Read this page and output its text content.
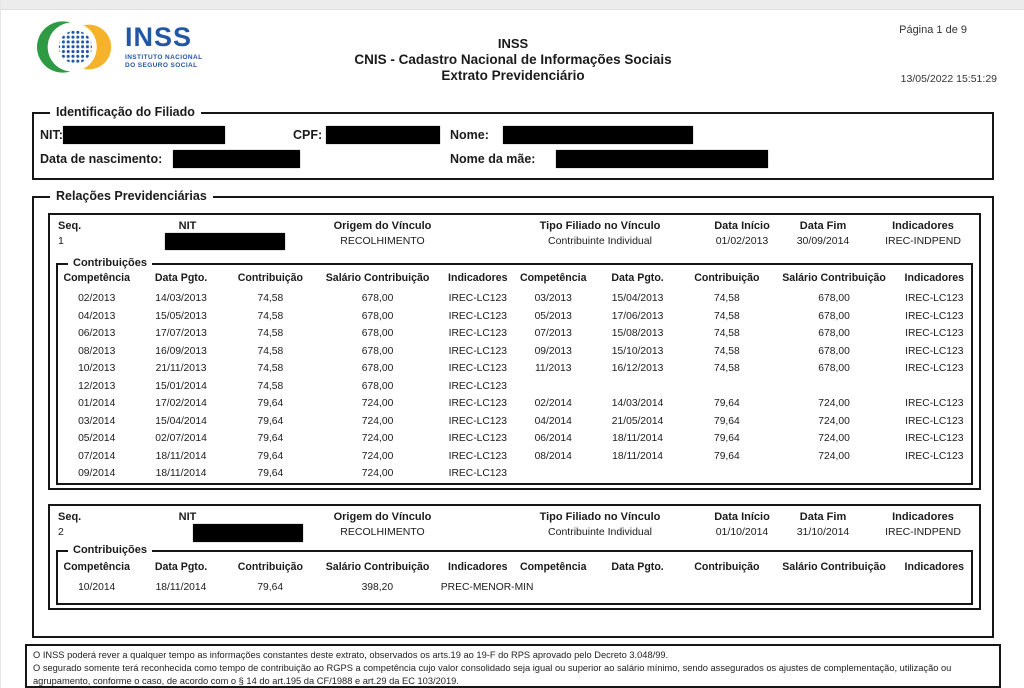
INSS
INSTITUTO NACIONAL
DO SEGURO SOCIAL
INSS
CNIS - Cadastro Nacional de Informações Sociais
Extrato Previdenciário
Página 1 de 9
13/05/2022 15:51:29
Identificação do Filiado
NIT:	CPF:	Nome:
Data de nascimento:	Nome da mãe:
Relações Previdenciárias
Seq.	NIT	Origem do Vínculo	Tipo Filiado no Vínculo	Data Início	Data Fim	Indicadores
1	RECOLHIMENTO	Contribuinte Individual	01/02/2013	30/09/2014	IREC-INDPEND
Contribuições
Competência	Data Pgto.	Contribuição	Salário Contribuição	Indicadores	Competência	Data Pgto.	Contribuição	Salário Contribuição	Indicadores
02/2013	14/03/2013	74,58	678,00	IREC-LC123	03/2013	15/04/2013	74,58	678,00	IREC-LC123
04/2013	15/05/2013	74,58	678,00	IREC-LC123	05/2013	17/06/2013	74,58	678,00	IREC-LC123
06/2013	17/07/2013	74,58	678,00	IREC-LC123	07/2013	15/08/2013	74,58	678,00	IREC-LC123
08/2013	16/09/2013	74,58	678,00	IREC-LC123	09/2013	15/10/2013	74,58	678,00	IREC-LC123
10/2013	21/11/2013	74,58	678,00	IREC-LC123	11/2013	16/12/2013	74,58	678,00	IREC-LC123
12/2013	15/01/2014	74,58	678,00	IREC-LC123
01/2014	17/02/2014	79,64	724,00	IREC-LC123	02/2014	14/03/2014	79,64	724,00	IREC-LC123
03/2014	15/04/2014	79,64	724,00	IREC-LC123	04/2014	21/05/2014	79,64	724,00	IREC-LC123
05/2014	02/07/2014	79,64	724,00	IREC-LC123	06/2014	18/11/2014	79,64	724,00	IREC-LC123
07/2014	18/11/2014	79,64	724,00	IREC-LC123	08/2014	18/11/2014	79,64	724,00	IREC-LC123
09/2014	18/11/2014	79,64	724,00	IREC-LC123
Seq.	NIT	Origem do Vínculo	Tipo Filiado no Vínculo	Data Início	Data Fim	Indicadores
2	RECOLHIMENTO	Contribuinte Individual	01/10/2014	31/10/2014	IREC-INDPEND
Contribuições
Competência	Data Pgto.	Contribuição	Salário Contribuição	Indicadores	Competência	Data Pgto.	Contribuição	Salário Contribuição	Indicadores
10/2014	18/11/2014	79,64	398,20	PREC-MENOR-MIN

O INSS poderá rever a qualquer tempo as informações constantes deste extrato, observados os arts.19 ao 19-F do RPS aprovado pelo Decreto 3.048/99.

O segurado somente terá reconhecida como tempo de contribuição ao RGPS a competência cujo valor consolidado seja igual ou superior ao salário mínimo, sendo assegurados os ajustes de complementação, utilização ou agrupamento, conforme o caso, de acordo com o § 14 do art.195 da CF/1988 e art.29 da EC 103/2019.
